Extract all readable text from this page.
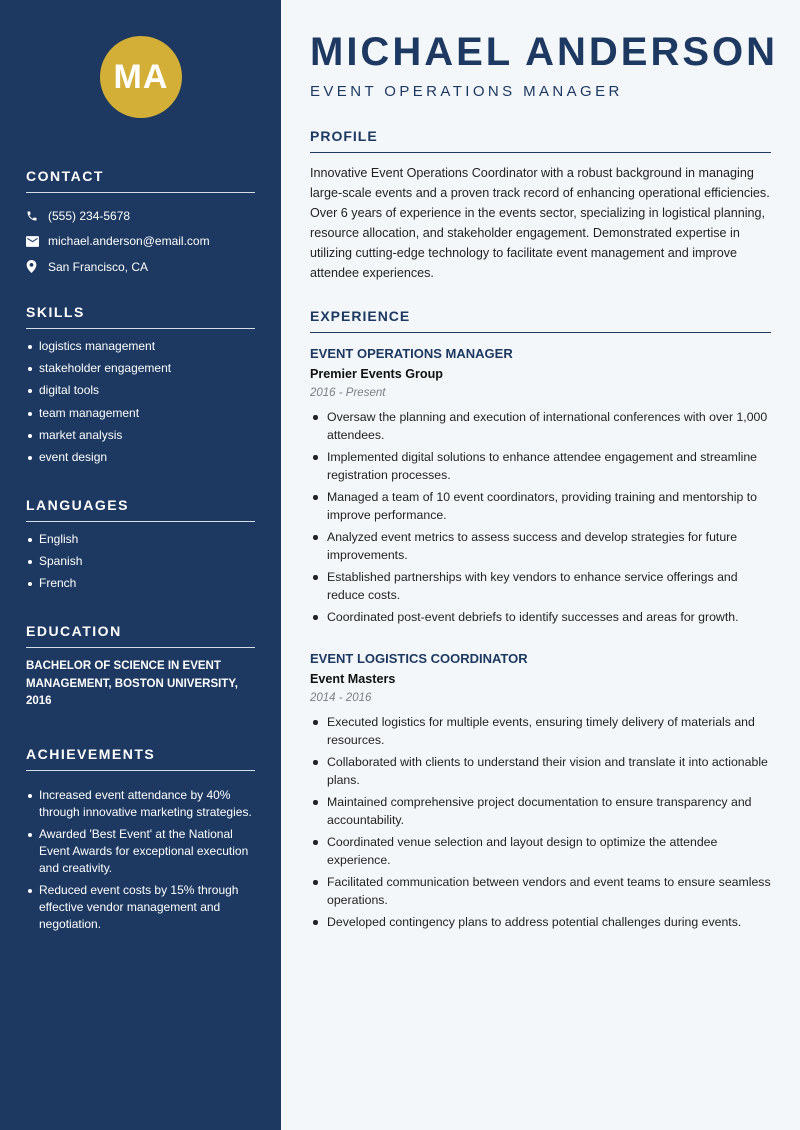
MA
CONTACT
(555) 234-5678
michael.anderson@email.com
San Francisco, CA
SKILLS
logistics management
stakeholder engagement
digital tools
team management
market analysis
event design
LANGUAGES
English
Spanish
French
EDUCATION
BACHELOR OF SCIENCE IN EVENT MANAGEMENT, BOSTON UNIVERSITY, 2016
ACHIEVEMENTS
Increased event attendance by 40% through innovative marketing strategies.
Awarded 'Best Event' at the National Event Awards for exceptional execution and creativity.
Reduced event costs by 15% through effective vendor management and negotiation.
MICHAEL ANDERSON
EVENT OPERATIONS MANAGER
PROFILE
Innovative Event Operations Coordinator with a robust background in managing large-scale events and a proven track record of enhancing operational efficiencies. Over 6 years of experience in the events sector, specializing in logistical planning, resource allocation, and stakeholder engagement. Demonstrated expertise in utilizing cutting-edge technology to facilitate event management and improve attendee experiences.
EXPERIENCE
EVENT OPERATIONS MANAGER
Premier Events Group
2016 - Present
Oversaw the planning and execution of international conferences with over 1,000 attendees.
Implemented digital solutions to enhance attendee engagement and streamline registration processes.
Managed a team of 10 event coordinators, providing training and mentorship to improve performance.
Analyzed event metrics to assess success and develop strategies for future improvements.
Established partnerships with key vendors to enhance service offerings and reduce costs.
Coordinated post-event debriefs to identify successes and areas for growth.
EVENT LOGISTICS COORDINATOR
Event Masters
2014 - 2016
Executed logistics for multiple events, ensuring timely delivery of materials and resources.
Collaborated with clients to understand their vision and translate it into actionable plans.
Maintained comprehensive project documentation to ensure transparency and accountability.
Coordinated venue selection and layout design to optimize the attendee experience.
Facilitated communication between vendors and event teams to ensure seamless operations.
Developed contingency plans to address potential challenges during events.
